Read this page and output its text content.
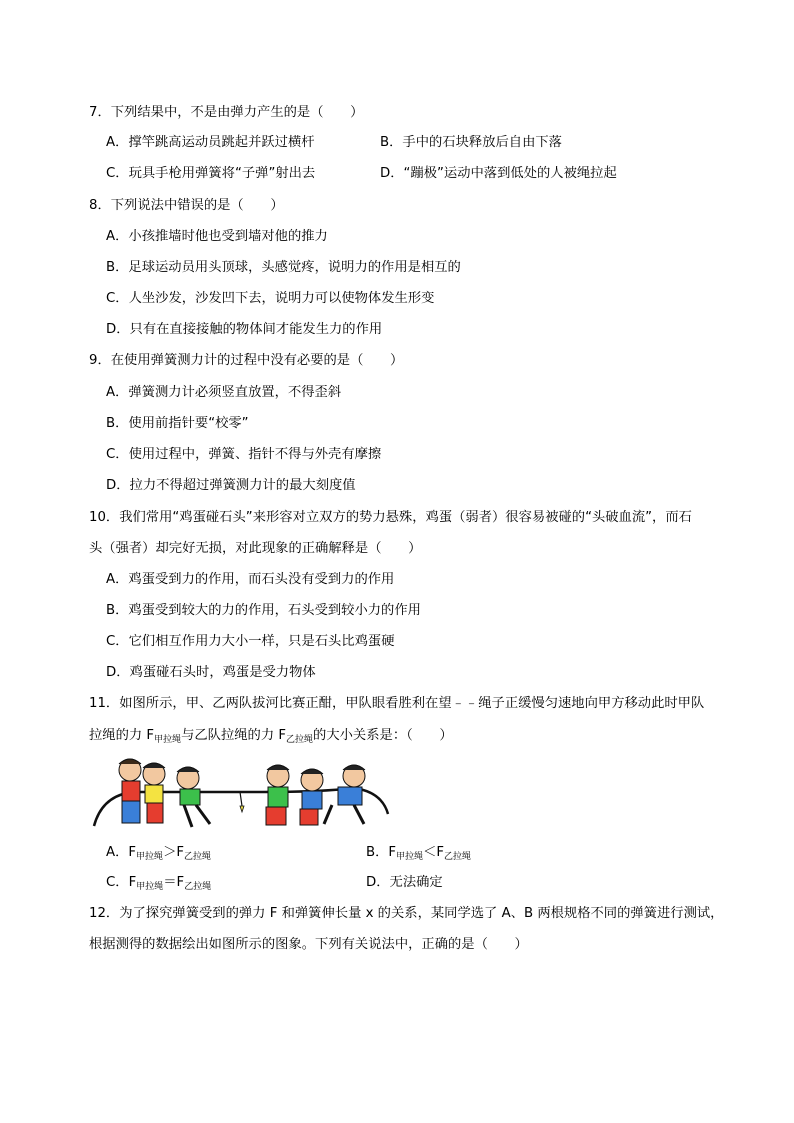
7．下列结果中，不是由弹力产生的是（　　）
A．撑竿跳高运动员跳起并跃过横杆	B．手中的石块释放后自由下落
C．玩具手枪用弹簧将“子弹”射出去	D．“蹦极”运动中落到低处的人被绳拉起
8．下列说法中错误的是（　　）
A．小孩推墙时他也受到墙对他的推力
B．足球运动员用头顶球，头感觉疼，说明力的作用是相互的
C．人坐沙发，沙发凹下去，说明力可以使物体发生形变
D．只有在直接接触的物体间才能发生力的作用
9．在使用弹簧测力计的过程中没有必要的是（　　）
A．弹簧测力计必须竖直放置，不得歪斜
B．使用前指针要“校零”
C．使用过程中，弹簧、指针不得与外壳有摩擦
D．拉力不得超过弹簧测力计的最大刻度值
10．我们常用“鸡蛋碰石头”来形容对立双方的势力悬殊，鸡蛋（弱者）很容易被碰的“头破血流”，而石
头（强者）却完好无损，对此现象的正确解释是（　　）
A．鸡蛋受到力的作用，而石头没有受到力的作用
B．鸡蛋受到较大的力的作用，石头受到较小力的作用
C．它们相互作用力大小一样，只是石头比鸡蛋硬
D．鸡蛋碰石头时，鸡蛋是受力物体
11．如图所示，甲、乙两队拔河比赛正酣，甲队眼看胜利在望﹣﹣绳子正缓慢匀速地向甲方移动此时甲队
拉绳的力 $F_{甲拉绳}$与乙队拉绳的力 $F_{乙拉绳}$的大小关系是：（　　）
A．$F_{甲拉绳}>F_{乙拉绳}$	B．$F_{甲拉绳}<F_{乙拉绳}$
C．$F_{甲拉绳}=F_{乙拉绳}$	D．无法确定
12．为了探究弹簧受到的弹力 F 和弹簧伸长量 x 的关系，某同学选了 A、B 两根规格不同的弹簧进行测试，
根据测得的数据绘出如图所示的图象。下列有关说法中，正确的是（　　）
